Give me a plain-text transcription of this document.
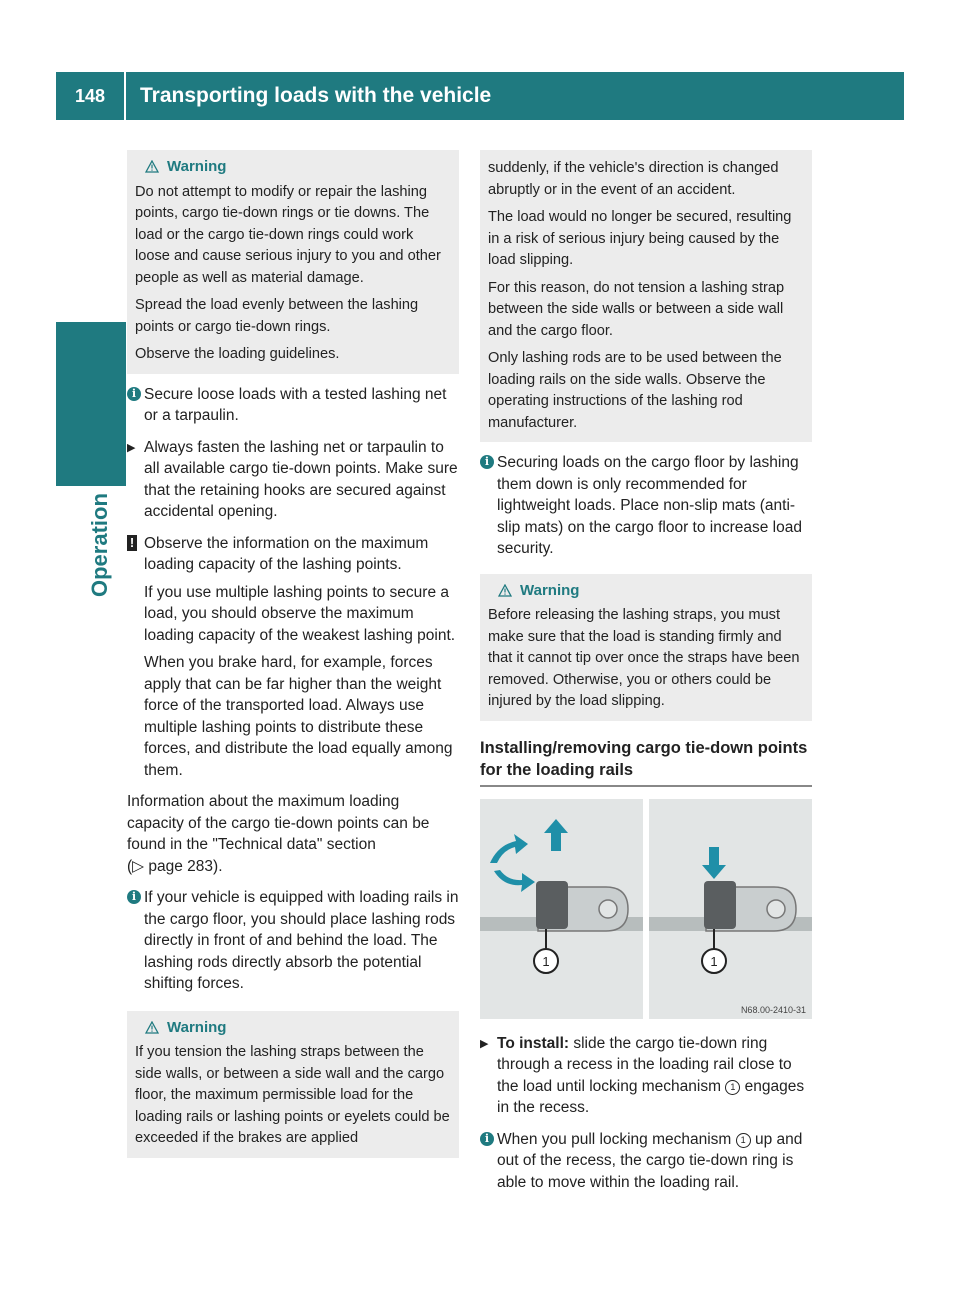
148	Transporting loads with the vehicle
Operation
Warning

Do not attempt to modify or repair the lashing points, cargo tie-down rings or tie downs. The load or the cargo tie-down rings could work loose and cause serious injury to you and other people as well as material damage.

Spread the load evenly between the lashing points or cargo tie-down rings.

Observe the loading guidelines.

i Secure loose loads with a tested lashing net or a tarpaulin.

▶ Always fasten the lashing net or tarpaulin to all available cargo tie-down points. Make sure that the retaining hooks are secured against accidental opening.

! Observe the information on the maximum loading capacity of the lashing points.

If you use multiple lashing points to secure a load, you should observe the maximum loading capacity of the weakest lashing point.

When you brake hard, for example, forces apply that can be far higher than the weight force of the transported load. Always use multiple lashing points to distribute these forces, and distribute the load equally among them.

Information about the maximum loading capacity of the cargo tie-down points can be found in the "Technical data" section
(▷ page 283).

i If your vehicle is equipped with loading rails in the cargo floor, you should place lashing rods directly in front of and behind the load. The lashing rods directly absorb the potential shifting forces.

Warning

If you tension the lashing straps between the side walls, or between a side wall and the cargo floor, the maximum permissible load for the loading rails or lashing points or eyelets could be exceeded if the brakes are applied

suddenly, if the vehicle's direction is changed abruptly or in the event of an accident.

The load would no longer be secured, resulting in a risk of serious injury being caused by the load slipping.

For this reason, do not tension a lashing strap between the side walls or between a side wall and the cargo floor.

Only lashing rods are to be used between the loading rails on the side walls. Observe the operating instructions of the lashing rod manufacturer.

i Securing loads on the cargo floor by lashing them down is only recommended for lightweight loads. Place non-slip mats (anti-slip mats) on the cargo floor to increase load security.

Warning

Before releasing the lashing straps, you must make sure that the load is standing firmly and that it cannot tip over once the straps have been removed. Otherwise, you or others could be injured by the load slipping.

Installing/removing cargo tie-down points for the loading rails
1	1
N68.00-2410-31
▶ To install: slide the cargo tie-down ring through a recess in the loading rail close to the load until locking mechanism 1 engages in the recess.

i When you pull locking mechanism 1 up and out of the recess, the cargo tie-down ring is able to move within the loading rail.
